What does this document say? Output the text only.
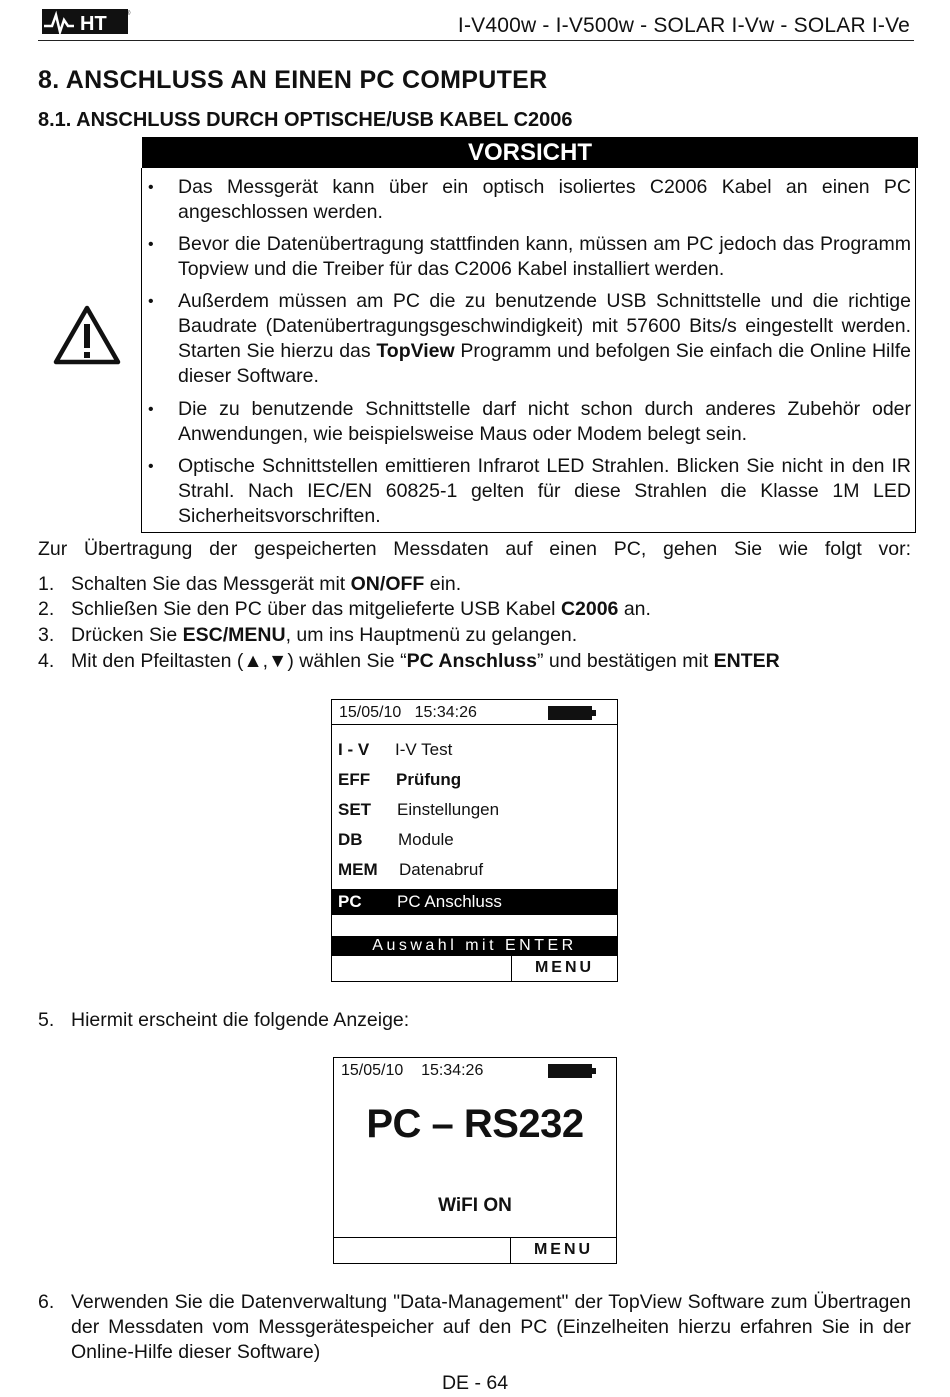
HT	®	I-V400w - I-V500w - SOLAR I-Vw - SOLAR I-Ve
8. ANSCHLUSS AN EINEN PC COMPUTER
8.1. ANSCHLUSS DURCH OPTISCHE/USB KABEL C2006
VORSICHT
• Das Messgerät kann über ein optisch isoliertes C2006 Kabel an einen PC angeschlossen werden.
• Bevor die Datenübertragung stattfinden kann, müssen am PC jedoch das Programm Topview und die Treiber für das C2006 Kabel installiert werden.
• Außerdem müssen am PC die zu benutzende USB Schnittstelle und die richtige Baudrate (Datenübertragungsgeschwindigkeit) mit 57600 Bits/s eingestellt werden. Starten Sie hierzu das TopView Programm und befolgen Sie einfach die Online Hilfe dieser Software.
• Die zu benutzende Schnittstelle darf nicht schon durch anderes Zubehör oder Anwendungen, wie beispielsweise Maus oder Modem belegt sein.
• Optische Schnittstellen emittieren Infrarot LED Strahlen. Blicken Sie nicht in den IR Strahl. Nach IEC/EN 60825-1 gelten für diese Strahlen die Klasse 1M LED Sicherheitsvorschriften.
Zur Übertragung der gespeicherten Messdaten auf einen PC, gehen Sie wie folgt vor:
1. Schalten Sie das Messgerät mit ON/OFF ein.
2. Schließen Sie den PC über das mitgelieferte USB Kabel C2006 an.
3. Drücken Sie ESC/MENU, um ins Hauptmenü zu gelangen.
4. Mit den Pfeiltasten (▲,▼) wählen Sie “PC Anschluss” und bestätigen mit ENTER
15/05/10 15:34:26
I - V I-V Test
EFF Prüfung
SET Einstellungen
DB Module
MEM Datenabruf
PC PC Anschluss
Auswahl mit ENTER
MENU
5. Hiermit erscheint die folgende Anzeige:
15/05/10 15:34:26
PC – RS232
WiFI ON
MENU
6. Verwenden Sie die Datenverwaltung "Data-Management" der TopView Software zum Übertragen der Messdaten vom Messgerätespeicher auf den PC (Einzelheiten hierzu erfahren Sie in der Online-Hilfe dieser Software)
DE - 64
